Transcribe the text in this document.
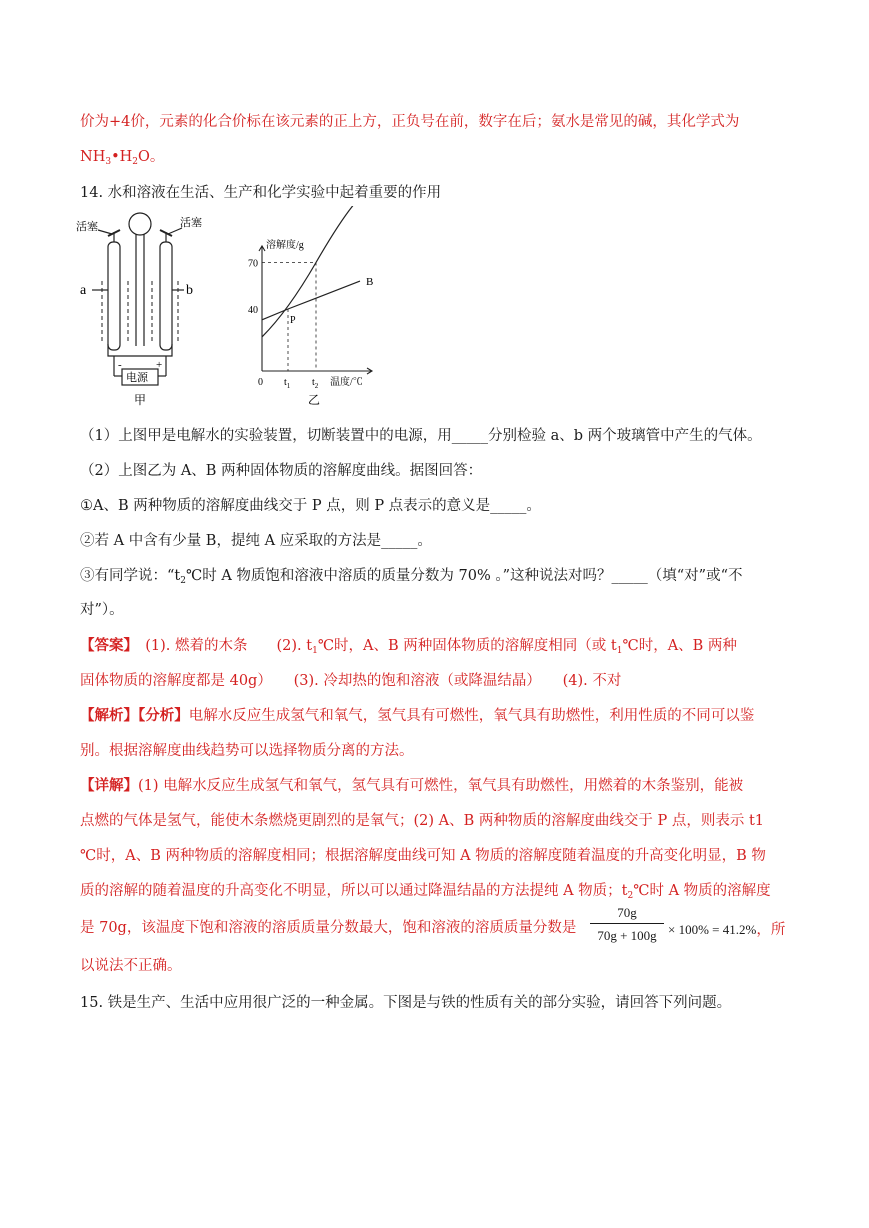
价为+4价，元素的化合价标在该元素的正上方，正负号在前，数字在后；氨水是常见的碱，其化学式为
$NH_3•H_2O$。
14. 水和溶液在生活、生产和化学实验中起着重要的作用
活塞	活塞
a	b
电源
-	+
甲
B
40
70
0 $t_1$ $t_2$
P
溶解度/g
温度/℃
乙
（1）上图甲是电解水的实验装置，切断装置中的电源，用_____分别检验 a、b 两个玻璃管中产生的气体。
（2）上图乙为 A、B 两种固体物质的溶解度曲线。据图回答：
①A、B 两种物质的溶解度曲线交于 P 点，则 P 点表示的意义是_____。
②若 A 中含有少量 B，提纯 A 应采取的方法是_____。
③有同学说：“$t_2℃$时 A 物质饱和溶液中溶质的质量分数为 70% 。”这种说法对吗？_____（填“对”或“不
对”）。
【答案】　(1). 燃着的木条　　(2). $t_1℃$时，A、B 两种固体物质的溶解度相同（或 $t_1℃$时，A、B 两种
固体物质的溶解度都是 40g）　　(3). 冷却热的饱和溶液（或降温结晶）　　(4). 不对
【解析】【分析】电解水反应生成氢气和氧气，氢气具有可燃性，氧气具有助燃性，利用性质的不同可以鉴
别。根据溶解度曲线趋势可以选择物质分离的方法。
【详解】(1) 电解水反应生成氢气和氧气，氢气具有可燃性，氧气具有助燃性，用燃着的木条鉴别，能被
点燃的气体是氢气，能使木条燃烧更剧烈的是氧气；(2) A、B 两种物质的溶解度曲线交于 P 点，则表示 t1
℃时，A、B 两种物质的溶解度相同；根据溶解度曲线可知 A 物质的溶解度随着温度的升高变化明显，B 物
质的溶解的随着温度的升高变化不明显，所以可以通过降温结晶的方法提纯 A 物质；$t_2℃$时 A 物质的溶解度
是 70g，该温度下饱和溶液的溶质质量分数最大，饱和溶液的溶质质量分数是 $\frac{70g}{70g + 100g} \times 100\% = 41.2\%$，所
以说法不正确。
15. 铁是生产、生活中应用很广泛的一种金属。下图是与铁的性质有关的部分实验，请回答下列问题。
